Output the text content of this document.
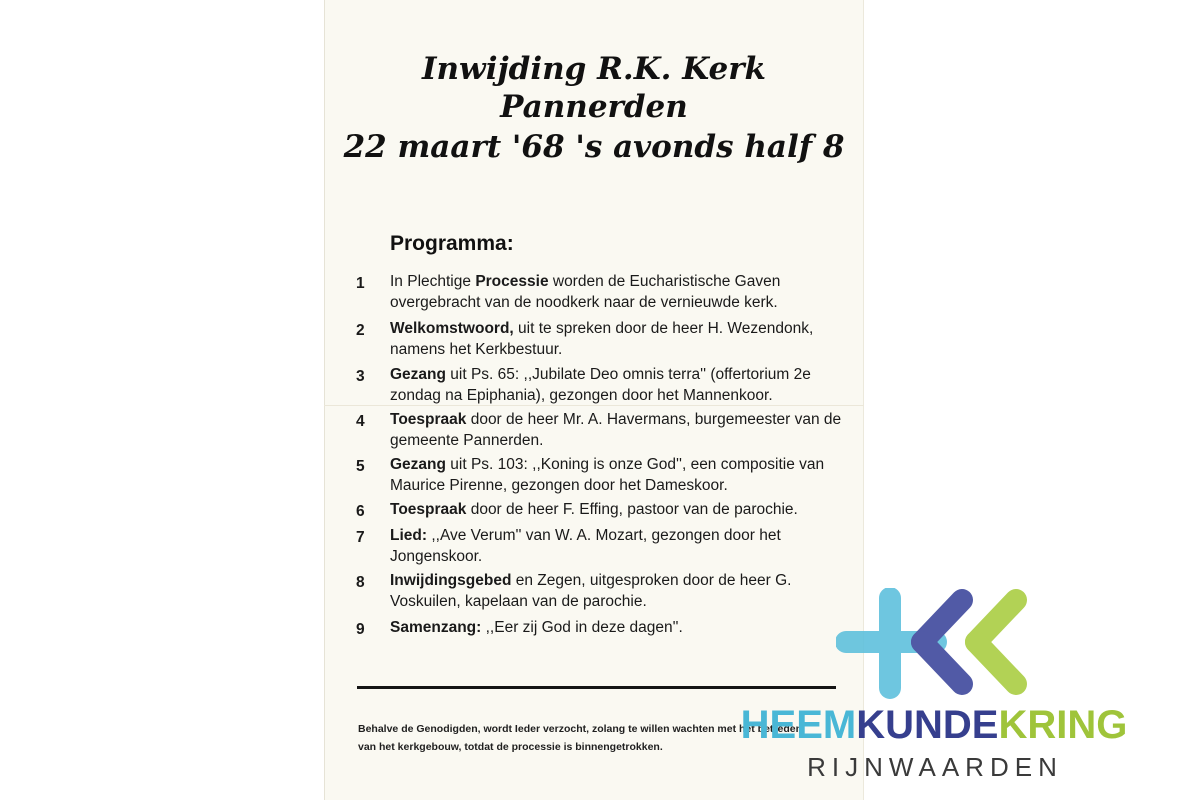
Inwijding R.K. Kerk
Pannerden
22 maart '68 's avonds half 8
Programma:
1	In Plechtige Processie worden de Eucharistische Gaven overgebracht van de noodkerk naar de vernieuwde kerk.
2	Welkomstwoord, uit te spreken door de heer H. Wezendonk, namens het Kerkbestuur.
3	Gezang uit Ps. 65: ,,Jubilate Deo omnis terra'' (offertorium 2e zondag na Epiphania), gezongen door het Mannenkoor.
4	Toespraak door de heer Mr. A. Havermans, burgemeester van de gemeente Pannerden.
5	Gezang uit Ps. 103: ,,Koning is onze God'', een compositie van Maurice Pirenne, gezongen door het Dameskoor.
6	Toespraak door de heer F. Effing, pastoor van de parochie.
7	Lied: ,,Ave Verum'' van W. A. Mozart, gezongen door het Jongenskoor.
8	Inwijdingsgebed en Zegen, uitgesproken door de heer G. Voskuilen, kapelaan van de parochie.
9	Samenzang: ,,Eer zij God in deze dagen''.
Behalve de Genodigden, wordt Ieder verzocht, zolang te willen wachten met het betreden
van het kerkgebouw, totdat de processie is binnengetrokken.	HEEMKUNDEKRING
RIJNWAARDEN
